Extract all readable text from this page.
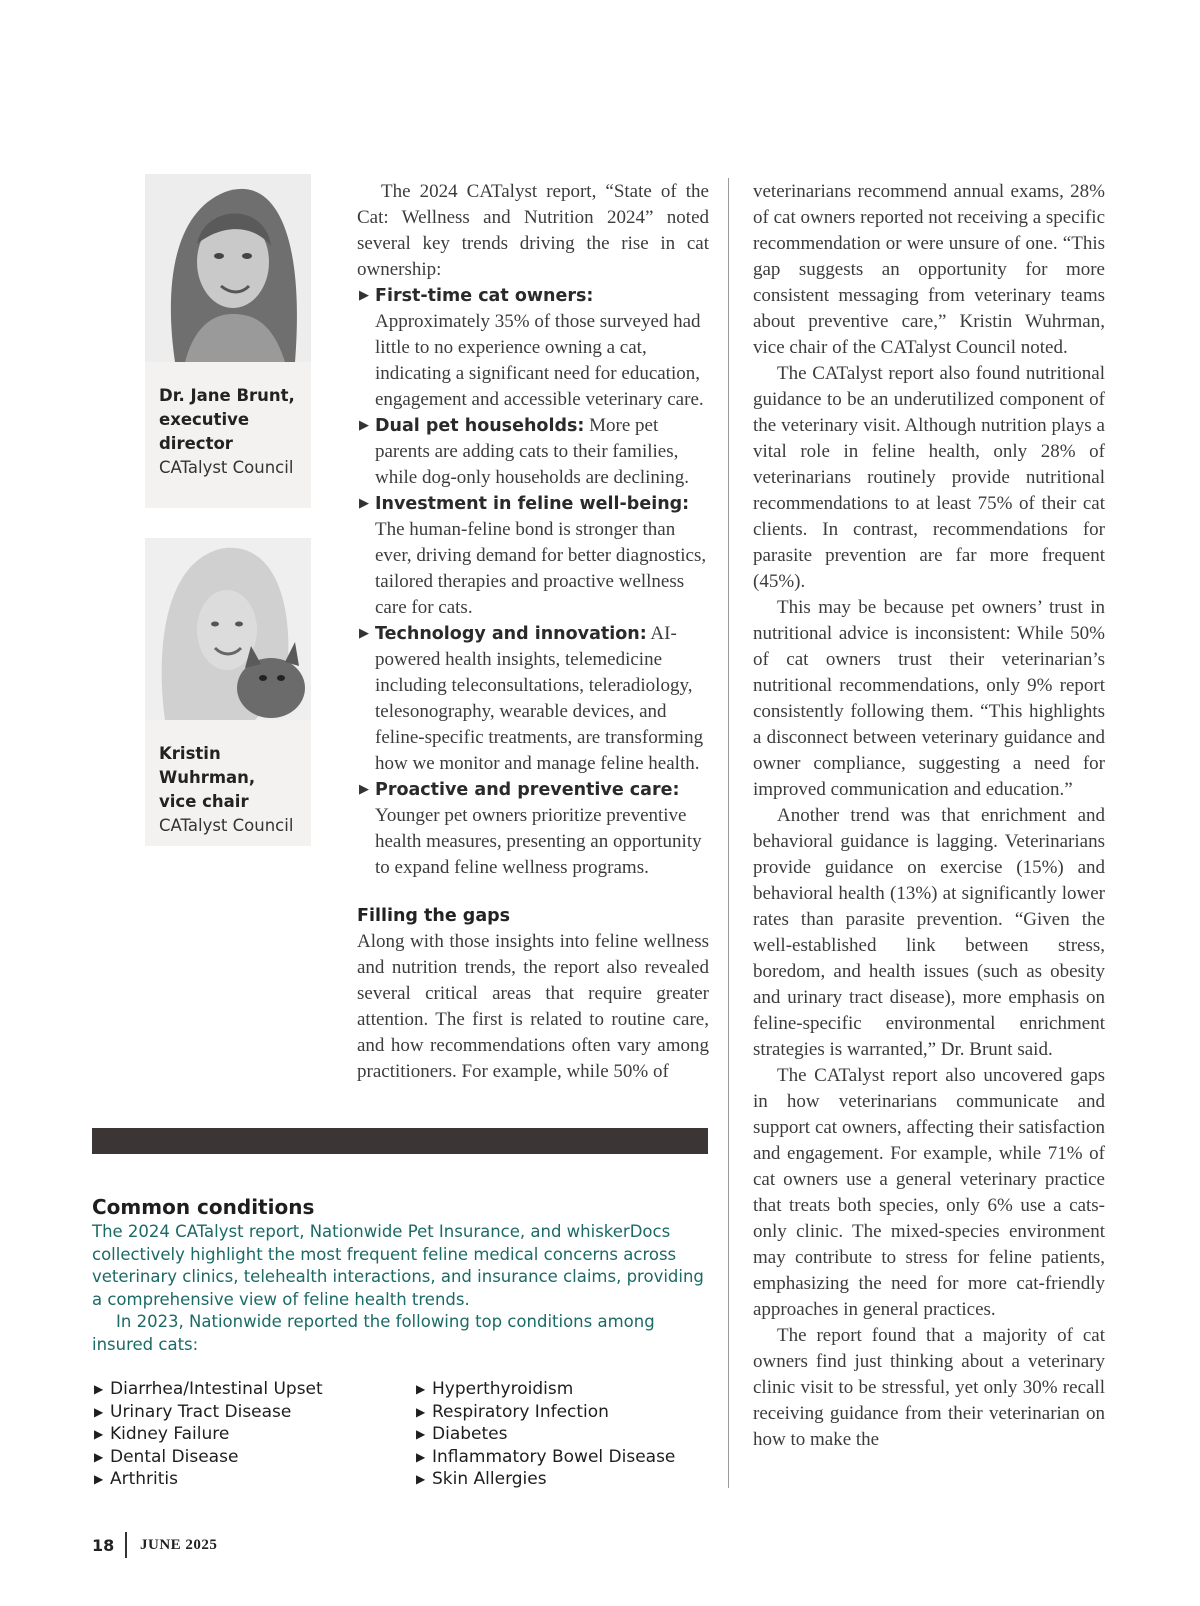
Dr. Jane Brunt,
executive
director
CATalyst Council
Kristin Wuhrman,
vice chair
CATalyst Council

The 2024 CATalyst report, “State of the Cat: Wellness and Nutrition 2024” noted several key trends driving the rise in cat ownership:

▶ First-time cat owners: Approximately 35% of those surveyed had little to no experience owning a cat, indicating a significant need for education, engagement and accessible veterinary care.
▶ Dual pet households: More pet parents are adding cats to their families, while dog-only households are declining.
▶ Investment in feline well-being: The human-feline bond is stronger than ever, driving demand for better diagnostics, tailored therapies and proactive wellness care for cats.
▶ Technology and innovation: AI-powered health insights, telemedicine including teleconsultations, teleradiology, telesonography, wearable devices, and feline-specific treatments, are transforming how we monitor and manage feline health.
▶ Proactive and preventive care: Younger pet owners prioritize preventive health measures, presenting an opportunity to expand feline wellness programs.
Filling the gaps

Along with those insights into feline wellness and nutrition trends, the report also revealed several critical areas that require greater attention. The first is related to routine care, and how recommendations often vary among practitioners. For example, while 50% of

veterinarians recommend annual exams, 28% of cat owners reported not receiving a specific recommendation or were unsure of one. “This gap suggests an opportunity for more consistent messaging from veterinary teams about preventive care,” Kristin Wuhrman, vice chair of the CATalyst Council noted.

The CATalyst report also found nutritional guidance to be an underutilized component of the veterinary visit. Although nutrition plays a vital role in feline health, only 28% of veterinarians routinely provide nutritional recommendations to at least 75% of their cat clients. In contrast, recommendations for parasite prevention are far more frequent (45%).

This may be because pet owners’ trust in nutritional advice is inconsistent: While 50% of cat owners trust their veterinarian’s nutritional recommendations, only 9% report consistently following them. “This highlights a disconnect between veterinary guidance and owner compliance, suggesting a need for improved communication and education.”

Another trend was that enrichment and behavioral guidance is lagging. Veterinarians provide guidance on exercise (15%) and behavioral health (13%) at significantly lower rates than parasite prevention. “Given the well-established link between stress, boredom, and health issues (such as obesity and urinary tract disease), more emphasis on feline-specific environmental enrichment strategies is warranted,” Dr. Brunt said.

The CATalyst report also uncovered gaps in how veterinarians communicate and support cat owners, affecting their satisfaction and engagement. For example, while 71% of cat owners use a general veterinary practice that treats both species, only 6% use a cats-only clinic. The mixed-species environment may contribute to stress for feline patients, emphasizing the need for more cat-friendly approaches in general practices.

The report found that a majority of cat owners find just thinking about a veterinary clinic visit to be stressful, yet only 30% recall receiving guidance from their veterinarian on how to make the

Common conditions

The 2024 CATalyst report, Nationwide Pet Insurance, and whiskerDocs collectively highlight the most frequent feline medical concerns across veterinary clinics, telehealth interactions, and insurance claims, providing a comprehensive view of feline health trends.

In 2023, Nationwide reported the following top conditions among insured cats:

▶ Diarrhea/Intestinal Upset
▶ Urinary Tract Disease
▶ Kidney Failure
▶ Dental Disease
▶ Arthritis
▶ Hyperthyroidism
▶ Respiratory Infection
▶ Diabetes
▶ Inflammatory Bowel Disease
▶ Skin Allergies
18 JUNE 2025
